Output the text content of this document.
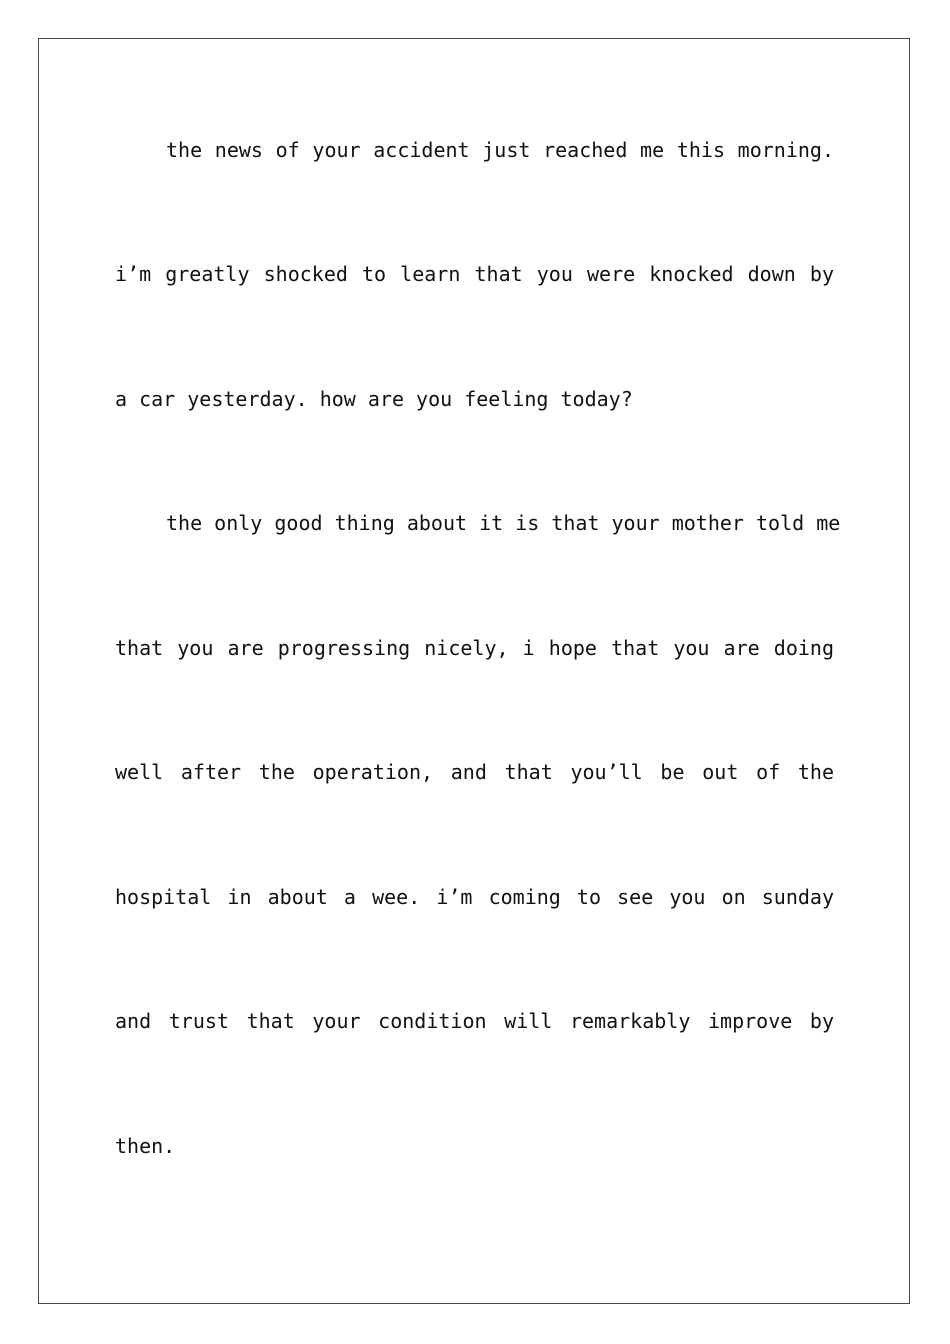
the news of your accident just reached me this morning.
i’m greatly shocked to learn that you were knocked down by
a car yesterday. how are you feeling today?
the only good thing about it is that your mother told me
that you are progressing nicely, i hope that you are doing
well after the operation, and that you’ll be out of the
hospital in about a wee. i’m coming to see you on sunday
and trust that your condition will remarkably improve by
then.
